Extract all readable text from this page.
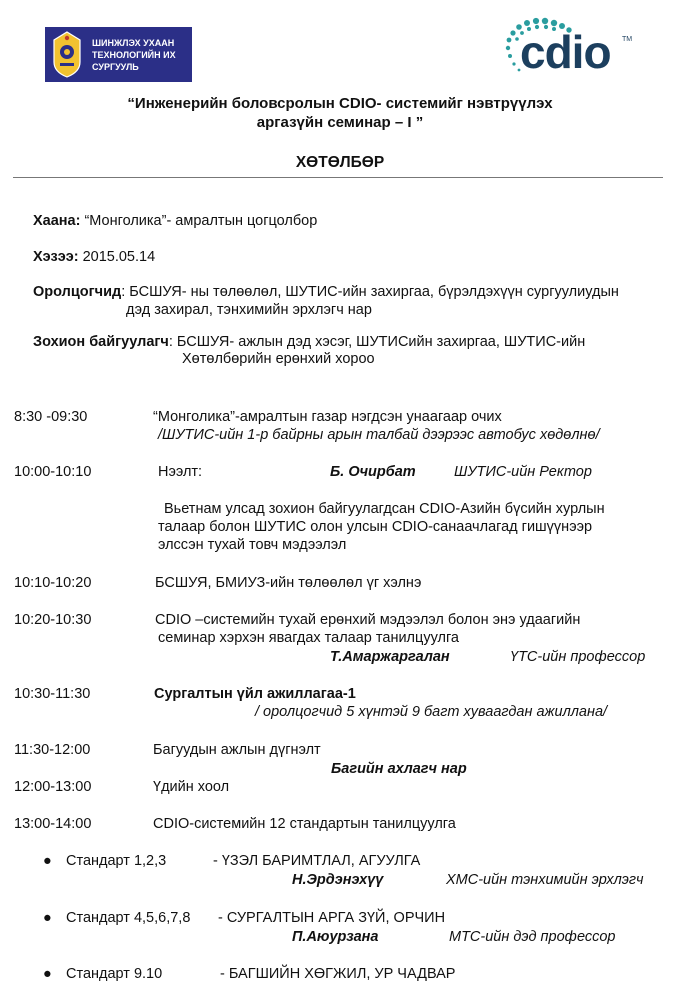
ШИНЖЛЭХ УХААН
ТЕХНОЛОГИЙН ИХ
СУРГУУЛЬ	cdio TM
“Инженерийн боловсролын CDIO- системийг нэвтрүүлэх
аргазүйн семинар – I ”
ХӨТӨЛБӨР
Хаана: “Монголика”- амралтын цогцолбор
Хэзээ: 2015.05.14
Оролцогчид: БСШУЯ- ны төлөөлөл, ШУТИС-ийн захиргаа, бүрэлдэхүүн сургуулиудын
дэд захирал, тэнхимийн эрхлэгч нар
Зохион байгуулагч: БСШУЯ- ажлын дэд хэсэг, ШУТИСийн захиргаа, ШУТИС-ийн
Хөтөлбөрийн ерөнхий хороо
8:30 -09:30	“Монголика”-амралтын газар нэгдсэн унаагаар очих
/ШУТИС-ийн 1-р байрны арын талбай дээрээс автобус хөдөлнө/
10:00-10:10	Нээлт:	Б. Очирбат	ШУТИС-ийн Ректор
Вьетнам улсад зохион байгуулагдсан CDIO-Азийн бүсийн хурлын
талаар болон ШУТИС олон улсын CDIO-санаачлагад гишүүнээр
элссэн тухай товч мэдээлэл
10:10-10:20	БСШУЯ, БМИУЗ-ийн төлөөлөл үг хэлнэ
10:20-10:30	CDIO –системийн тухай ерөнхий мэдээлэл болон энэ удаагийн
семинар хэрхэн явагдах талаар танилцуулга
Т.Амаржаргалан	ҮТС-ийн профессор
10:30-11:30	Сургалтын үйл ажиллагаа-1
/ оролцогчид 5 хүнтэй 9 багт хуваагдан ажиллана/
11:30-12:00	Багуудын ажлын дүгнэлт
Багийн ахлагч нар
12:00-13:00	Үдийн хоол
13:00-14:00	CDIO-системийн 12 стандартын танилцуулга
● Стандарт 1,2,3	- ҮЗЭЛ БАРИМТЛАЛ, АГУУЛГА
Н.Эрдэнэхүү	ХМС-ийн тэнхимийн эрхлэгч
● Стандарт 4,5,6,7,8 - СУРГАЛТЫН АРГА ЗҮЙ, ОРЧИН
П.Аюурзана	МТС-ийн дэд профессор
● Стандарт 9.10	- БАГШИЙН ХӨГЖИЛ, УР ЧАДВАР
